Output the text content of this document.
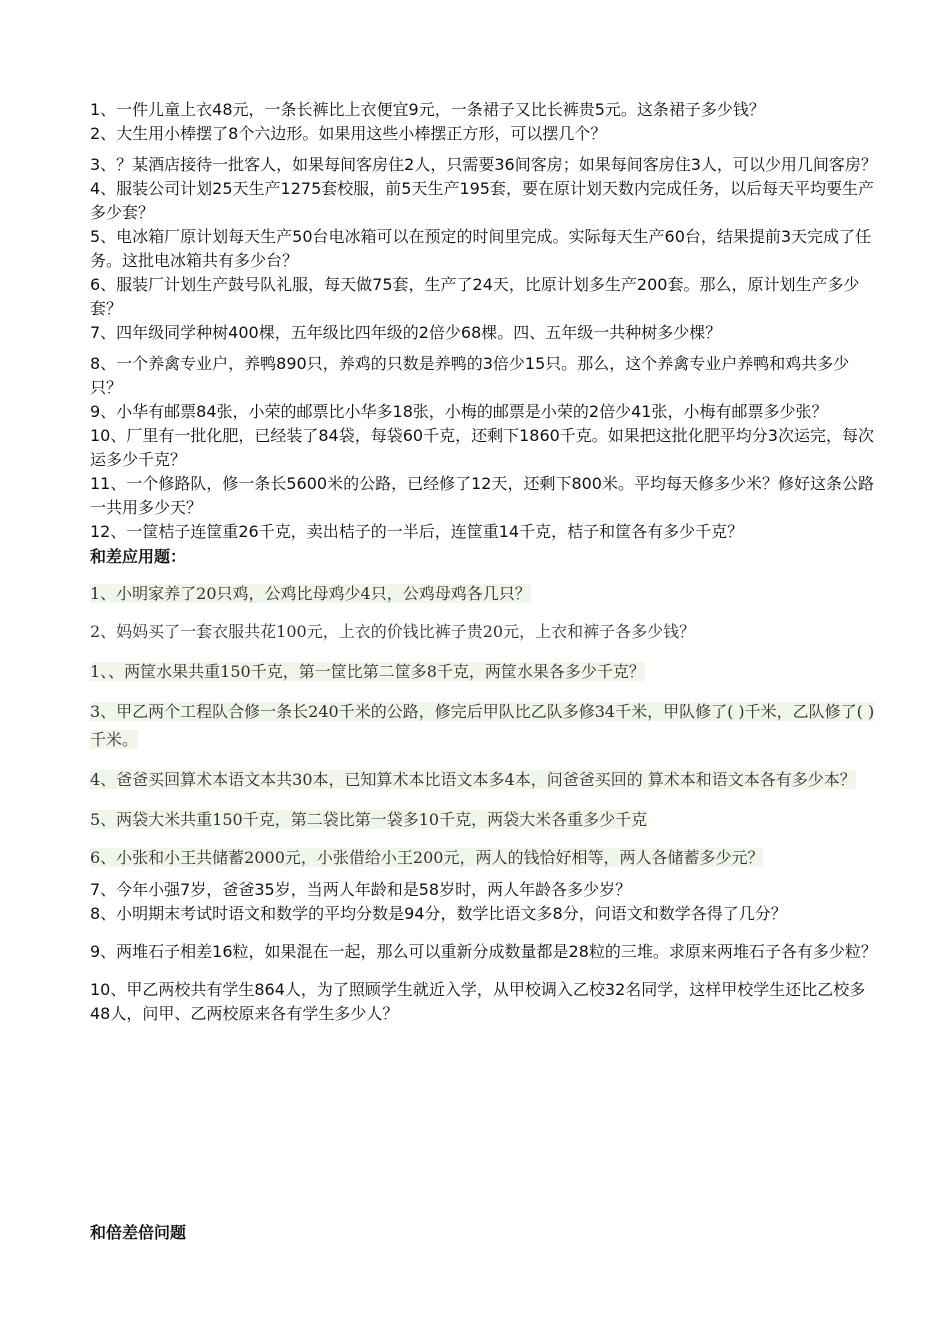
1、一件儿童上衣48元，一条长裤比上衣便宜9元，一条裙子又比长裤贵5元。这条裙子多少钱？

2、大生用小棒摆了8个六边形。如果用这些小棒摆正方形，可以摆几个？

3、？某酒店接待一批客人，如果每间客房住2人，只需要36间客房；如果每间客房住3人，可以少用几间客房？

4、服装公司计划25天生产1275套校服，前5天生产195套，要在原计划天数内完成任务，以后每天平均要生产多少套？

5、电冰箱厂原计划每天生产50台电冰箱可以在预定的时间里完成。实际每天生产60台，结果提前3天完成了任务。这批电冰箱共有多少台？

6、服装厂计划生产鼓号队礼服，每天做75套，生产了24天，比原计划多生产200套。那么，原计划生产多少套？

7、四年级同学种树400棵，五年级比四年级的2倍少68棵。四、五年级一共种树多少棵？

8、一个养禽专业户，养鸭890只，养鸡的只数是养鸭的3倍少15只。那么，这个养禽专业户养鸭和鸡共多少只？

9、小华有邮票84张，小荣的邮票比小华多18张，小梅的邮票是小荣的2倍少41张，小梅有邮票多少张？

10、厂里有一批化肥，已经装了84袋，每袋60千克，还剩下1860千克。如果把这批化肥平均分3次运完，每次运多少千克？

11、一个修路队，修一条长5600米的公路，已经修了12天，还剩下800米。平均每天修多少米？修好这条公路一共用多少天？

12、一筐桔子连筐重26千克，卖出桔子的一半后，连筐重14千克，桔子和筐各有多少千克？

和差应用题：

1、小明家养了20只鸡，公鸡比母鸡少4只，公鸡母鸡各几只？

2、妈妈买了一套衣服共花100元，上衣的价钱比裤子贵20元，上衣和裤子各多少钱？

1、、两筐水果共重150千克，第一筐比第二筐多8千克，两筐水果各多少千克？

3、甲乙两个工程队合修一条长240千米的公路，修完后甲队比乙队多修34千米，甲队修了( )千米，乙队修了( )千米。

4、爸爸买回算术本语文本共30本，已知算术本比语文本多4本，问爸爸买回的 算术本和语文本各有多少本？

5、两袋大米共重150千克，第二袋比第一袋多10千克，两袋大米各重多少千克

6、小张和小王共储蓄2000元，小张借给小王200元，两人的钱恰好相等，两人各储蓄多少元？

7、今年小强7岁，爸爸35岁，当两人年龄和是58岁时，两人年龄各多少岁？

8、小明期末考试时语文和数学的平均分数是94分，数学比语文多8分，问语文和数学各得了几分？

9、两堆石子相差16粒，如果混在一起，那么可以重新分成数量都是28粒的三堆。求原来两堆石子各有多少粒？

10、甲乙两校共有学生864人，为了照顾学生就近入学，从甲校调入乙校32名同学，这样甲校学生还比乙校多48人，问甲、乙两校原来各有学生多少人？

和倍差倍问题
